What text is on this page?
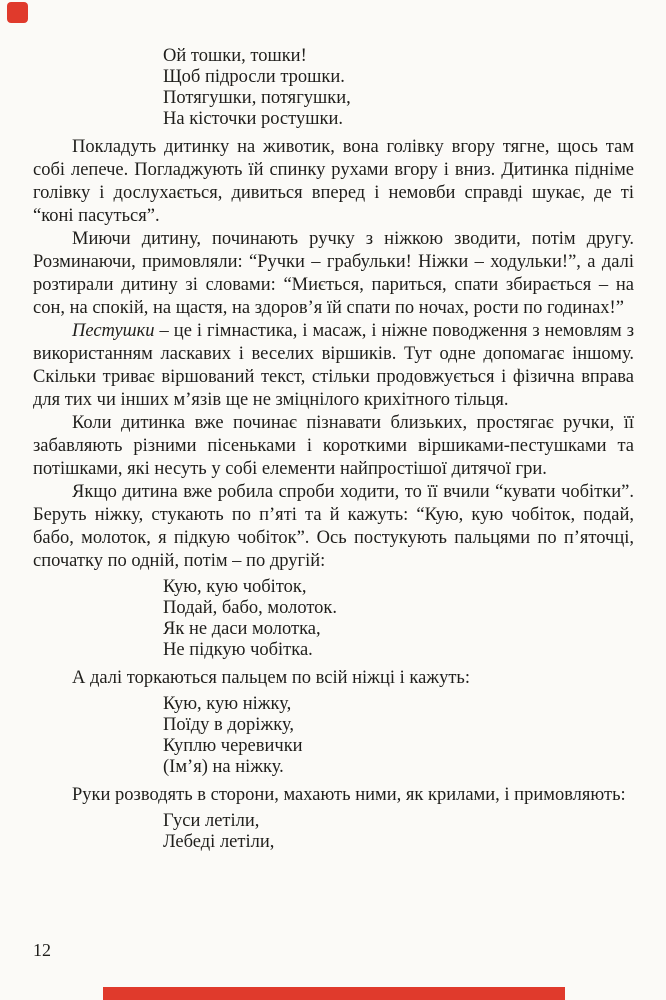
Ой тошки, тошки!
Щоб підросли трошки.
Потягушки, потягушки,
На кісточки ростушки.

Покладуть дитинку на животик, вона голівку вгору тягне, щось там собі лепече. Погладжують їй спинку рухами вгору і вниз. Дитинка підніме голівку і дослухається, дивиться вперед і немовби справді шукає, де ті “коні пасуться”.

Миючи дитину, починають ручку з ніжкою зводити, потім другу. Розминаючи, примовляли: “Ручки – грабульки! Ніжки – ходульки!”, а далі розтирали дитину зі словами: “Миється, париться, спати збирається – на сон, на спокій, на щастя, на здоров’я їй спати по ночах, рости по годинах!”

Пестушки – це і гімнастика, і масаж, і ніжне поводження з немовлям з використанням ласкавих і веселих віршиків. Тут одне допомагає іншому. Скільки триває віршований текст, стільки продовжується і фізична вправа для тих чи інших м’язів ще не зміцнілого крихітного тільця.

Коли дитинка вже починає пізнавати близьких, простягає ручки, її забавляють різними пісеньками і короткими віршиками-пестушками та потішками, які несуть у собі елементи найпростішої дитячої гри.

Якщо дитина вже робила спроби ходити, то її вчили “кувати чобітки”. Беруть ніжку, стукають по п’яті та й кажуть: “Кую, кую чобіток, подай, бабо, молоток, я підкую чобіток”. Ось постукують пальцями по п’яточці, спочатку по одній, потім – по другій:

Кую, кую чобіток,
Подай, бабо, молоток.
Як не даси молотка,
Не підкую чобітка.

А далі торкаються пальцем по всій ніжці і кажуть:

Кую, кую ніжку,
Поїду в доріжку,
Куплю черевички
(Ім’я) на ніжку.

Руки розводять в сторони, махають ними, як крилами, і примовляють:

Гуси летіли,
Лебеді летіли,
12
